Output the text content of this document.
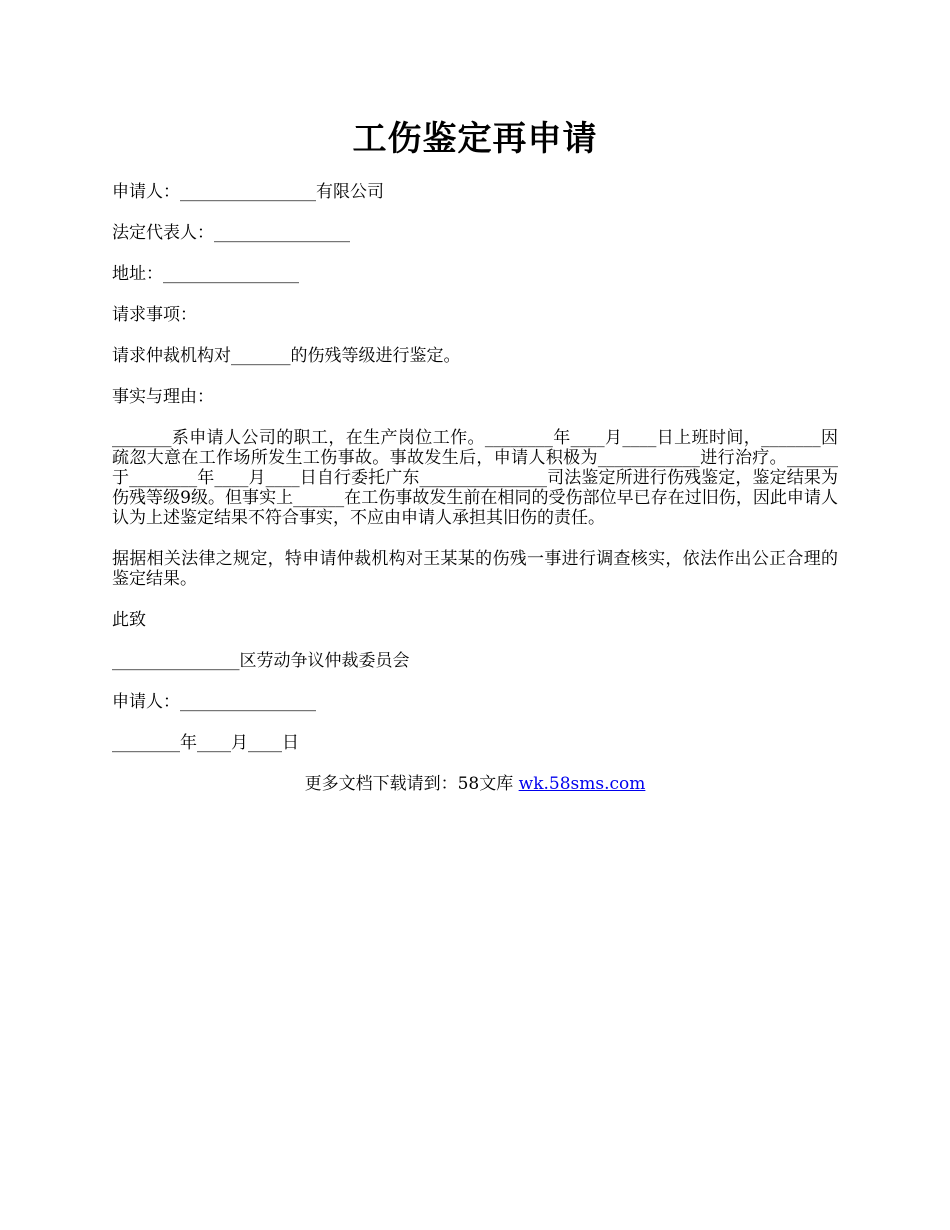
工伤鉴定再申请

申请人：________________有限公司

法定代表人：________________

地址：________________

请求事项：

请求仲裁机构对_______的伤残等级进行鉴定。

事实与理由：

_______系申请人公司的职工，在生产岗位工作。________年____月____日上班时间，_______因疏忽大意在工作场所发生工伤事故。事故发生后，申请人积极为____________进行治疗。______于________年____月____日自行委托广东_______________司法鉴定所进行伤残鉴定，鉴定结果为伤残等级9级。但事实上______在工伤事故发生前在相同的受伤部位早已存在过旧伤，因此申请人认为上述鉴定结果不符合事实，不应由申请人承担其旧伤的责任。

据据相关法律之规定，特申请仲裁机构对王某某的伤残一事进行调查核实，依法作出公正合理的鉴定结果。

此致

_______________区劳动争议仲裁委员会

申请人：________________

________年____月____日

更多文档下载请到：58文库 wk.58sms.com
